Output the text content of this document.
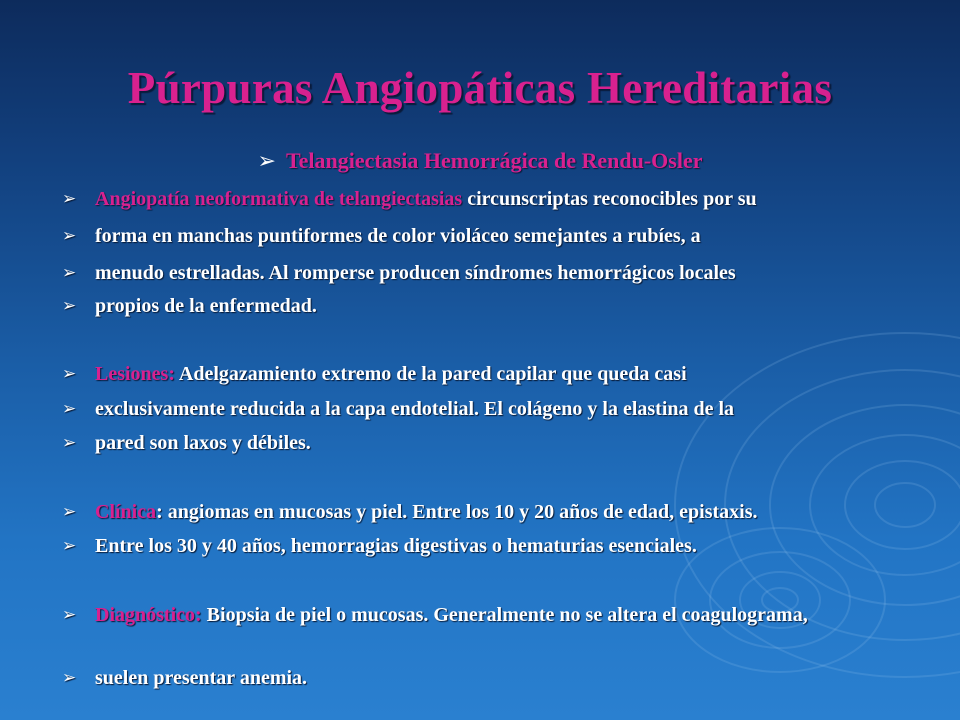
Púrpuras Angiopáticas Hereditarias
➢ Telangiectasia Hemorrágica de Rendu-Osler
➢ Angiopatía neoformativa de telangiectasias circunscriptas reconocibles por su
➢ forma en manchas puntiformes de color violáceo semejantes a rubíes, a
➢ menudo estrelladas. Al romperse producen síndromes hemorrágicos locales
➢ propios de la enfermedad.
➢ Lesiones: Adelgazamiento extremo de la pared capilar que queda casi
➢ exclusivamente reducida a la capa endotelial. El colágeno y la elastina de la
➢ pared son laxos y débiles.
➢ Clínica: angiomas en mucosas y piel. Entre los 10 y 20 años de edad, epistaxis.
➢ Entre los 30 y 40 años, hemorragias digestivas o hematurias esenciales.
➢ Diagnóstico: Biopsia de piel o mucosas. Generalmente no se altera el coagulograma,
➢ suelen presentar anemia.
